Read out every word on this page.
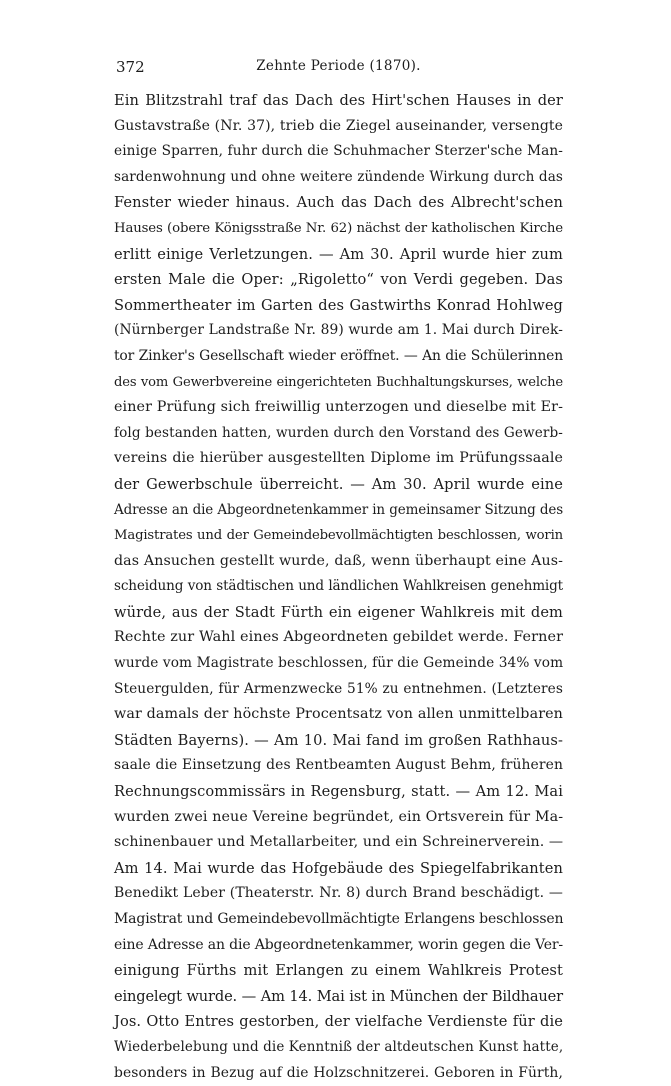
372	Zehnte Periode (1870).

Ein Blitzstrahl traf das Dach des Hirt'schen Hauses in der

Gustavstraße (Nr. 37), trieb die Ziegel auseinander, versengte

einige Sparren, fuhr durch die Schuhmacher Sterzer'sche Man-

sardenwohnung und ohne weitere zündende Wirkung durch das

Fenster wieder hinaus. Auch das Dach des Albrecht'schen

Hauses (obere Königsstraße Nr. 62) nächst der katholischen Kirche

erlitt einige Verletzungen. — Am 30. April wurde hier zum

ersten Male die Oper: „Rigoletto“ von Verdi gegeben. Das

Sommertheater im Garten des Gastwirths Konrad Hohlweg

(Nürnberger Landstraße Nr. 89) wurde am 1. Mai durch Direk-

tor Zinker's Gesellschaft wieder eröffnet. — An die Schülerinnen

des vom Gewerbvereine eingerichteten Buchhaltungskurses, welche

einer Prüfung sich freiwillig unterzogen und dieselbe mit Er-

folg bestanden hatten, wurden durch den Vorstand des Gewerb-

vereins die hierüber ausgestellten Diplome im Prüfungssaale

der Gewerbschule überreicht. — Am 30. April wurde eine

Adresse an die Abgeordnetenkammer in gemeinsamer Sitzung des

Magistrates und der Gemeindebevollmächtigten beschlossen, worin

das Ansuchen gestellt wurde, daß, wenn überhaupt eine Aus-

scheidung von städtischen und ländlichen Wahlkreisen genehmigt

würde, aus der Stadt Fürth ein eigener Wahlkreis mit dem

Rechte zur Wahl eines Abgeordneten gebildet werde. Ferner

wurde vom Magistrate beschlossen, für die Gemeinde 34% vom

Steuergulden, für Armenzwecke 51% zu entnehmen. (Letzteres

war damals der höchste Procentsatz von allen unmittelbaren

Städten Bayerns). — Am 10. Mai fand im großen Rathhaus-

saale die Einsetzung des Rentbeamten August Behm, früheren

Rechnungscommissärs in Regensburg, statt. — Am 12. Mai

wurden zwei neue Vereine begründet, ein Ortsverein für Ma-

schinenbauer und Metallarbeiter, und ein Schreinerverein. —

Am 14. Mai wurde das Hofgebäude des Spiegelfabrikanten

Benedikt Leber (Theaterstr. Nr. 8) durch Brand beschädigt. —

Magistrat und Gemeindebevollmächtigte Erlangens beschlossen

eine Adresse an die Abgeordnetenkammer, worin gegen die Ver-

einigung Fürths mit Erlangen zu einem Wahlkreis Protest

eingelegt wurde. — Am 14. Mai ist in München der Bildhauer

Jos. Otto Entres gestorben, der vielfache Verdienste für die

Wiederbelebung und die Kenntniß der altdeutschen Kunst hatte,

besonders in Bezug auf die Holzschnitzerei. Geboren in Fürth,
